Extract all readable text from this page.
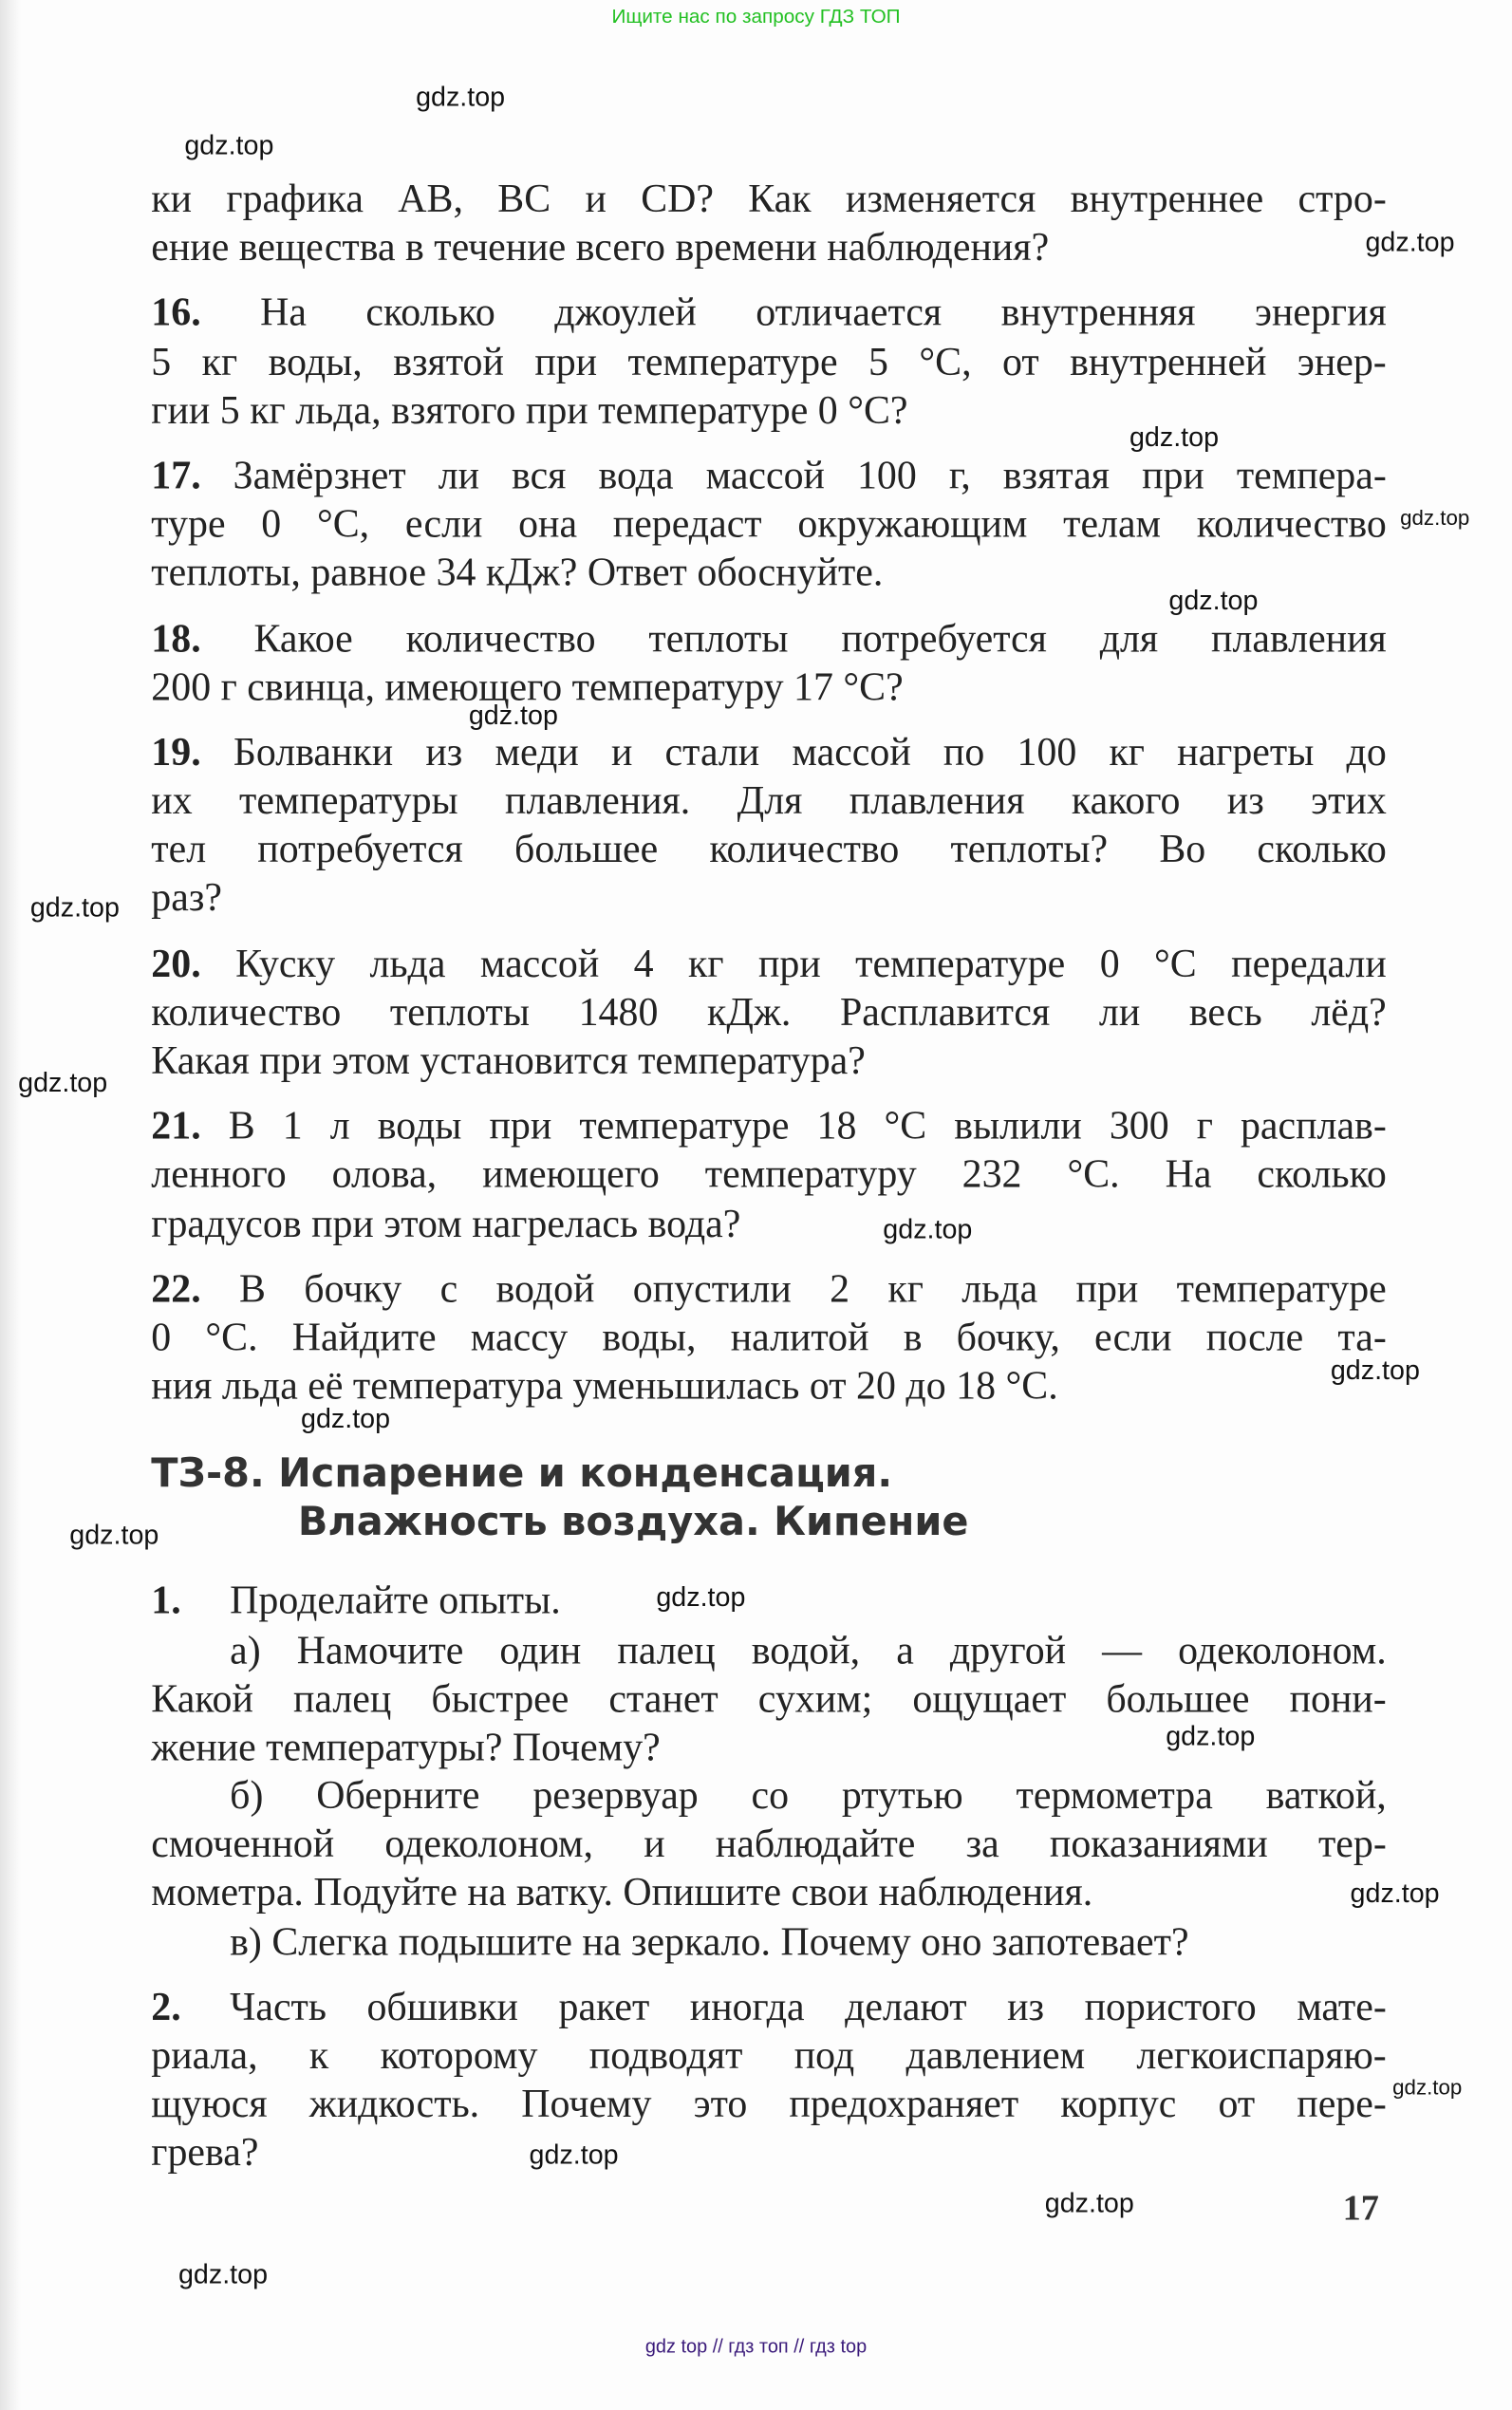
Ищите нас по запросу ГДЗ ТОП
ки графика AB, BC и CD? Как изменяется внутреннее стро-
ение вещества в течение всего времени наблюдения?
16. На сколько джоулей отличается внутренняя энергия
5 кг воды, взятой при температуре 5 °C, от внутренней энер-
гии 5 кг льда, взятого при температуре 0 °C?
17. Замёрзнет ли вся вода массой 100 г, взятая при темпера-
туре 0 °C, если она передаст окружающим телам количество
теплоты, равное 34 кДж? Ответ обоснуйте.
18. Какое количество теплоты потребуется для плавления
200 г свинца, имеющего температуру 17 °C?
19. Болванки из меди и стали массой по 100 кг нагреты до
их температуры плавления. Для плавления какого из этих
тел потребуется большее количество теплоты? Во сколько
раз?
20. Куску льда массой 4 кг при температуре 0 °C передали
количество теплоты 1480 кДж. Расплавится ли весь лёд?
Какая при этом установится температура?
21. В 1 л воды при температуре 18 °C вылили 300 г расплав-
ленного олова, имеющего температуру 232 °C. На сколько
градусов при этом нагрелась вода?
22. В бочку с водой опустили 2 кг льда при температуре
0 °C. Найдите массу воды, налитой в бочку, если после та-
ния льда её температура уменьшилась от 20 до 18 °C.
ТЗ-8. Испарение и конденсация.
Влажность воздуха. Кипение
1. Проделайте опыты.
а) Намочите один палец водой, а другой — одеколоном.
Какой палец быстрее станет сухим; ощущает большее пони-
жение температуры? Почему?
б) Оберните резервуар со ртутью термометра ваткой,
смоченной одеколоном, и наблюдайте за показаниями тер-
мометра. Подуйте на ватку. Опишите свои наблюдения.
в) Слегка подышите на зеркало. Почему оно запотевает?
2. Часть обшивки ракет иногда делают из пористого мате-
риала, к которому подводят под давлением легкоиспаряю-
щуюся жидкость. Почему это предохраняет корпус от пере-
грева?
17
gdz.top
gdz.top
gdz.top
gdz.top
gdz.top
gdz.top
gdz.top
gdz.top
gdz.top
gdz.top
gdz.top
gdz.top
gdz.top
gdz.top
gdz.top
gdz.top
gdz.top
gdz.top
gdz.top
gdz.top
gdz top // гдз топ // гдз top
